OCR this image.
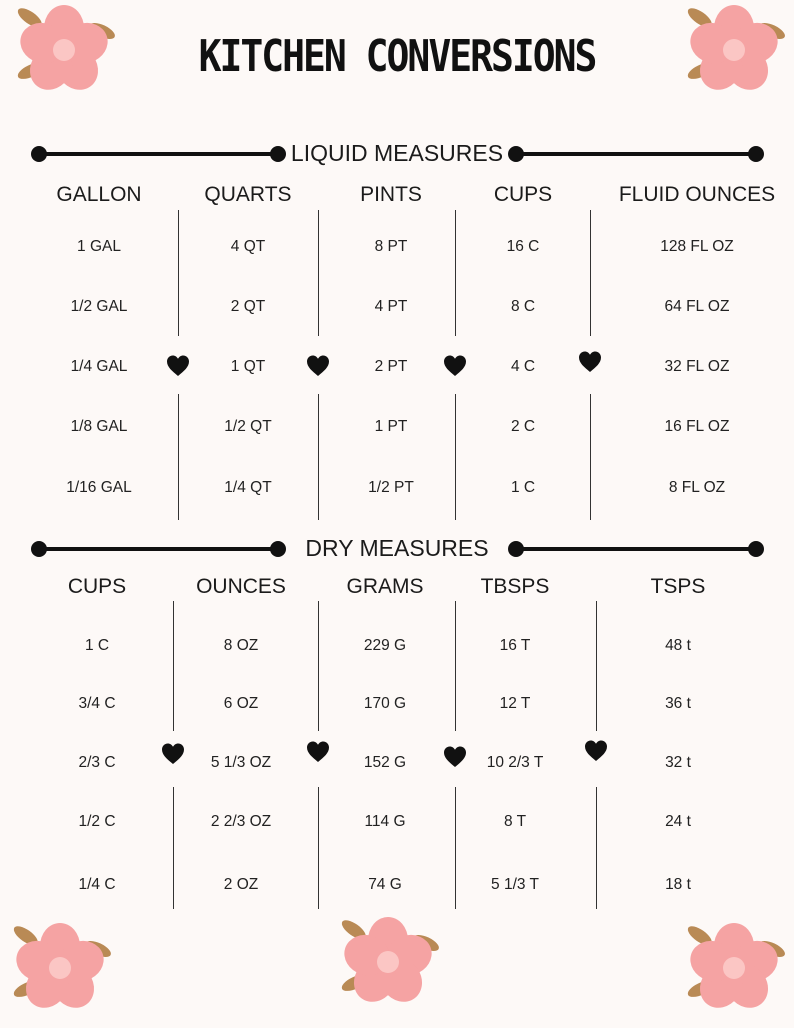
KITCHEN CONVERSIONS
LIQUID MEASURES
GALLON
1 GAL
1/2 GAL
1/4 GAL
1/8 GAL
1/16 GAL
QUARTS
4 QT
2 QT
1 QT
1/2 QT
1/4 QT
PINTS
8 PT
4 PT
2 PT
1 PT
1/2 PT
CUPS
16 C
8 C
4 C
2 C
1 C
FLUID OUNCES
128 FL OZ
64 FL OZ
32 FL OZ
16 FL OZ
8 FL OZ
DRY MEASURES
CUPS
1 C
3/4 C
2/3 C
1/2 C
1/4 C
OUNCES
8 OZ
6 OZ
5 1/3 OZ
2 2/3 OZ
2 OZ
GRAMS
229 G
170 G
152 G
114 G
74 G
TBSPS
16 T
12 T
10 2/3 T
8 T
5 1/3 T
TSPS
48 t
36 t
32 t
24 t
18 t
